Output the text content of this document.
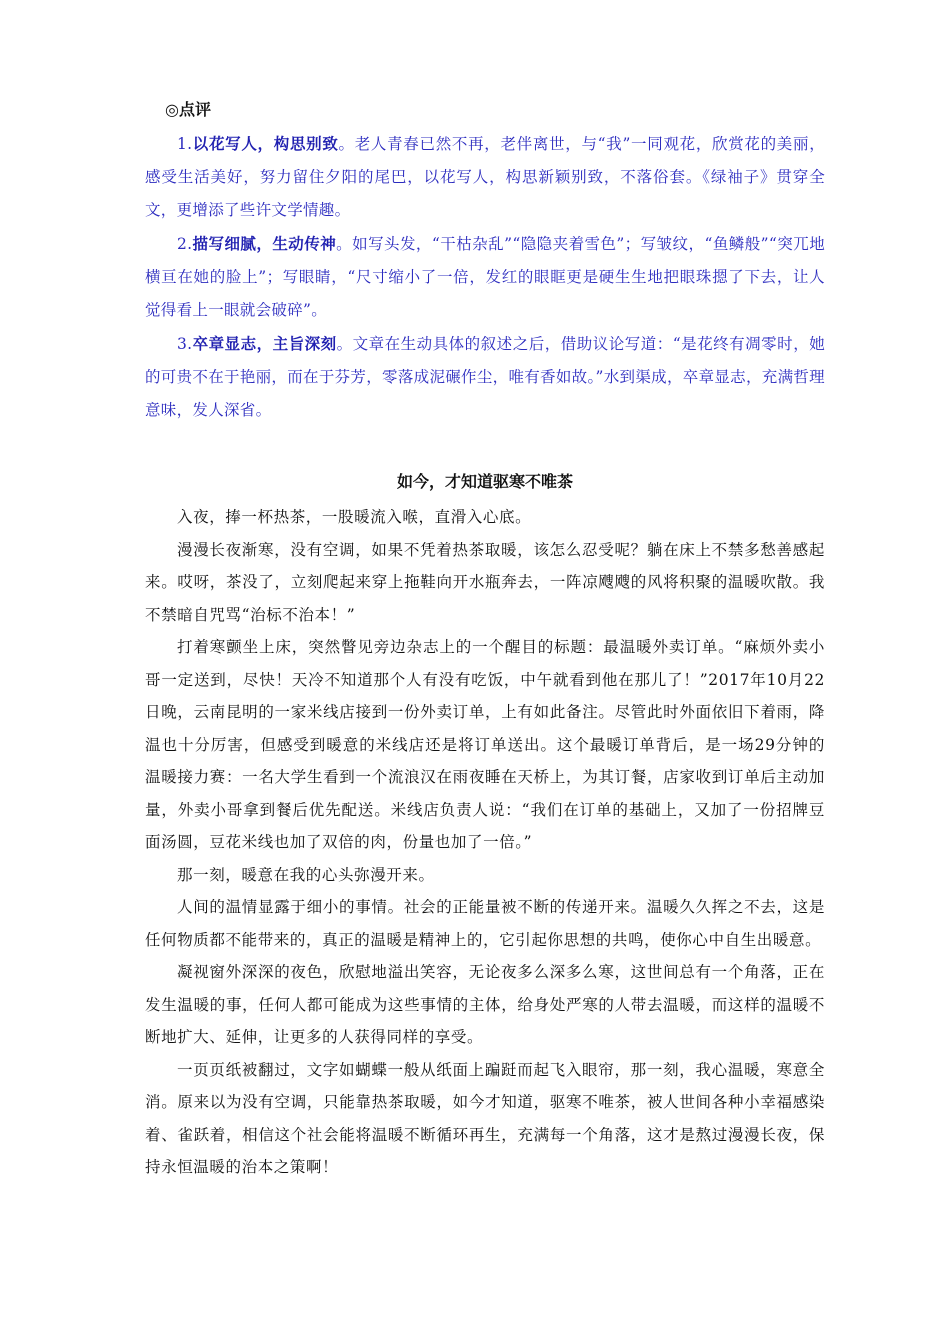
◎点评

1.以花写人，构思别致。老人青春已然不再，老伴离世，与“我”一同观花，欣赏花的美丽，感受生活美好，努力留住夕阳的尾巴，以花写人，构思新颖别致，不落俗套。《绿袖子》贯穿全文，更增添了些许文学情趣。

2.描写细腻，生动传神。如写头发，“干枯杂乱”“隐隐夹着雪色”；写皱纹，“鱼鳞般”“突兀地横亘在她的脸上”；写眼睛，“尺寸缩小了一倍，发红的眼眶更是硬生生地把眼珠摁了下去，让人觉得看上一眼就会破碎”。

3.卒章显志，主旨深刻。文章在生动具体的叙述之后，借助议论写道：“是花终有凋零时，她的可贵不在于艳丽，而在于芬芳，零落成泥碾作尘，唯有香如故。”水到渠成，卒章显志，充满哲理意味，发人深省。

如今，才知道驱寒不唯茶

入夜，捧一杯热茶，一股暖流入喉，直滑入心底。

漫漫长夜渐寒，没有空调，如果不凭着热茶取暖，该怎么忍受呢？躺在床上不禁多愁善感起来。哎呀，茶没了，立刻爬起来穿上拖鞋向开水瓶奔去，一阵凉飕飕的风将积聚的温暖吹散。我不禁暗自咒骂“治标不治本！”

打着寒颤坐上床，突然瞥见旁边杂志上的一个醒目的标题：最温暖外卖订单。“麻烦外卖小哥一定送到，尽快！天冷不知道那个人有没有吃饭，中午就看到他在那儿了！”2017年10月22日晚，云南昆明的一家米线店接到一份外卖订单，上有如此备注。尽管此时外面依旧下着雨，降温也十分厉害，但感受到暖意的米线店还是将订单送出。这个最暖订单背后，是一场29分钟的温暖接力赛：一名大学生看到一个流浪汉在雨夜睡在天桥上，为其订餐，店家收到订单后主动加量，外卖小哥拿到餐后优先配送。米线店负责人说：“我们在订单的基础上，又加了一份招牌豆面汤圆，豆花米线也加了双倍的肉，份量也加了一倍。”

那一刻，暖意在我的心头弥漫开来。

人间的温情显露于细小的事情。社会的正能量被不断的传递开来。温暖久久挥之不去，这是任何物质都不能带来的，真正的温暖是精神上的，它引起你思想的共鸣，使你心中自生出暖意。

凝视窗外深深的夜色，欣慰地溢出笑容，无论夜多么深多么寒，这世间总有一个角落，正在发生温暖的事，任何人都可能成为这些事情的主体，给身处严寒的人带去温暖，而这样的温暖不断地扩大、延伸，让更多的人获得同样的享受。

一页页纸被翻过，文字如蝴蝶一般从纸面上蹁跹而起飞入眼帘，那一刻，我心温暖，寒意全消。原来以为没有空调，只能靠热茶取暖，如今才知道，驱寒不唯茶，被人世间各种小幸福感染着、雀跃着，相信这个社会能将温暖不断循环再生，充满每一个角落，这才是熬过漫漫长夜，保持永恒温暖的治本之策啊！
